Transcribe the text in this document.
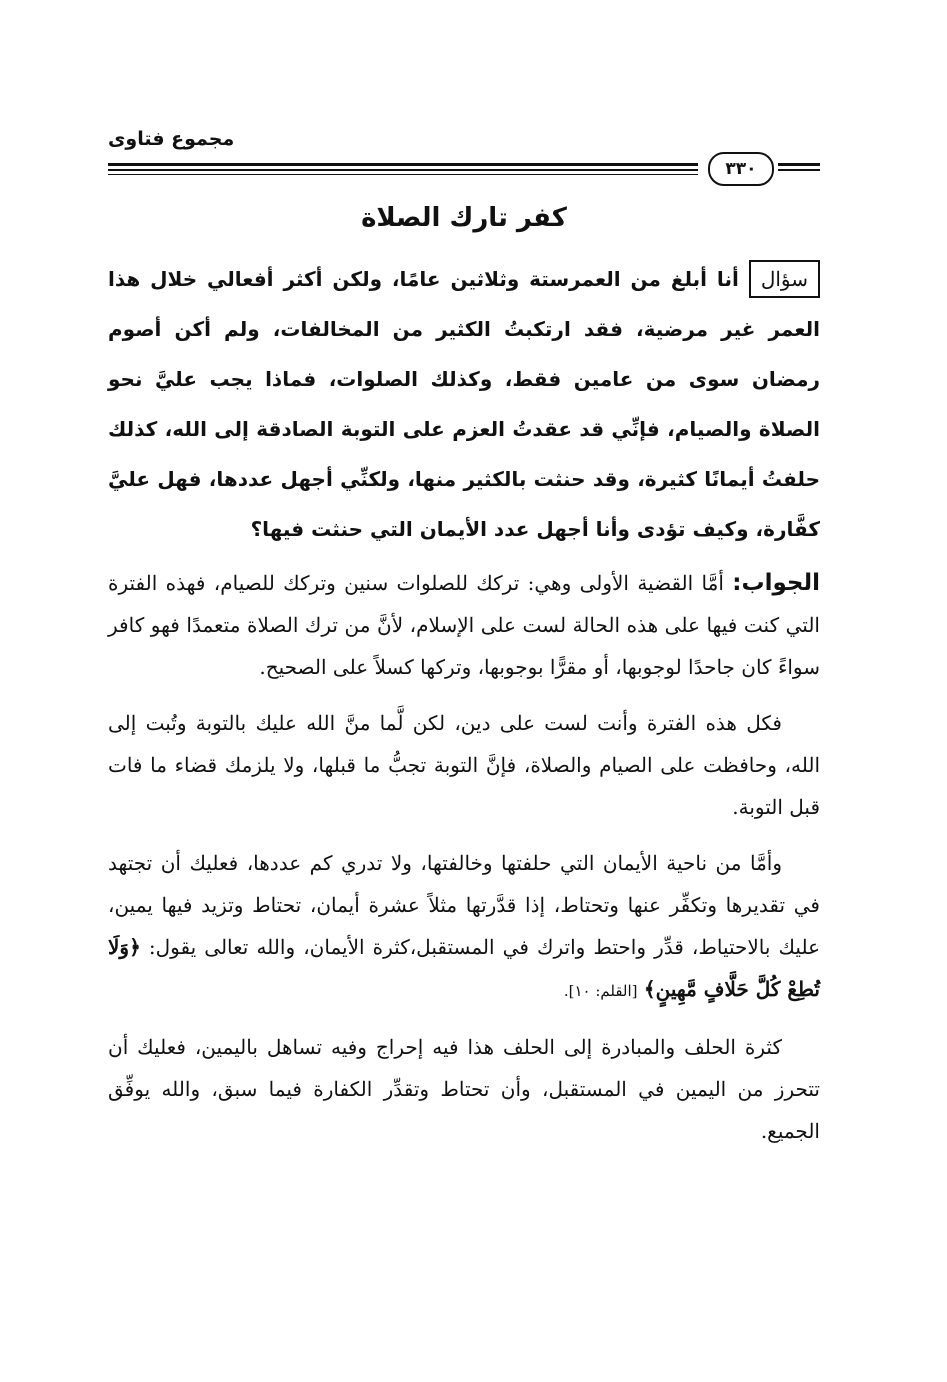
مجموع فتاوى
٣٣٠
كفر تارك الصلاة

سؤالأنا أبلغ من العمرستة وثلاثين عامًا، ولكن أكثر أفعالي خلال هذا العمر غير مرضية، فقد ارتكبتُ الكثير من المخالفات، ولم أكن أصوم رمضان سوى من عامين فقط، وكذلك الصلوات، فماذا يجب عليَّ نحو الصلاة والصيام، فإنِّي قد عقدتُ العزم على التوبة الصادقة إلى الله، كذلك حلفتُ أيمانًا كثيرة، وقد حنثت بالكثير منها، ولكنِّي أجهل عددها، فهل عليَّ كفَّارة، وكيف تؤدى وأنا أجهل عدد الأيمان التي حنثت فيها؟

الجواب: أمَّا القضية الأولى وهي: تركك للصلوات سنين وتركك للصيام، فهذه الفترة التي كنت فيها على هذه الحالة لست على الإسلام، لأنَّ من ترك الصلاة متعمدًا فهو كافر سواءً كان جاحدًا لوجوبها، أو مقرًّا بوجوبها، وتركها كسلاً على الصحيح.

فكل هذه الفترة وأنت لست على دين، لكن لَّما منَّ الله عليك بالتوبة وتُبت إلى الله، وحافظت على الصيام والصلاة، فإنَّ التوبة تجبُّ ما قبلها، ولا يلزمك قضاء ما فات قبل التوبة.

وأمَّا من ناحية الأيمان التي حلفتها وخالفتها، ولا تدري كم عددها، فعليك أن تجتهد في تقديرها وتكفِّر عنها وتحتاط، إذا قدَّرتها مثلاً عشرة أيمان، تحتاط وتزيد فيها يمين، عليك بالاحتياط، قدِّر واحتط واترك في المستقبل،كثرة الأيمان، والله تعالى يقول: ﴿وَلَا تُطِعْ كُلَّ حَلَّافٍ مَّهِينٍ﴾ [القلم: ١٠].

كثرة الحلف والمبادرة إلى الحلف هذا فيه إحراج وفيه تساهل باليمين، فعليك أن تتحرز من اليمين في المستقبل، وأن تحتاط وتقدِّر الكفارة فيما سبق، والله يوفِّق الجميع.
